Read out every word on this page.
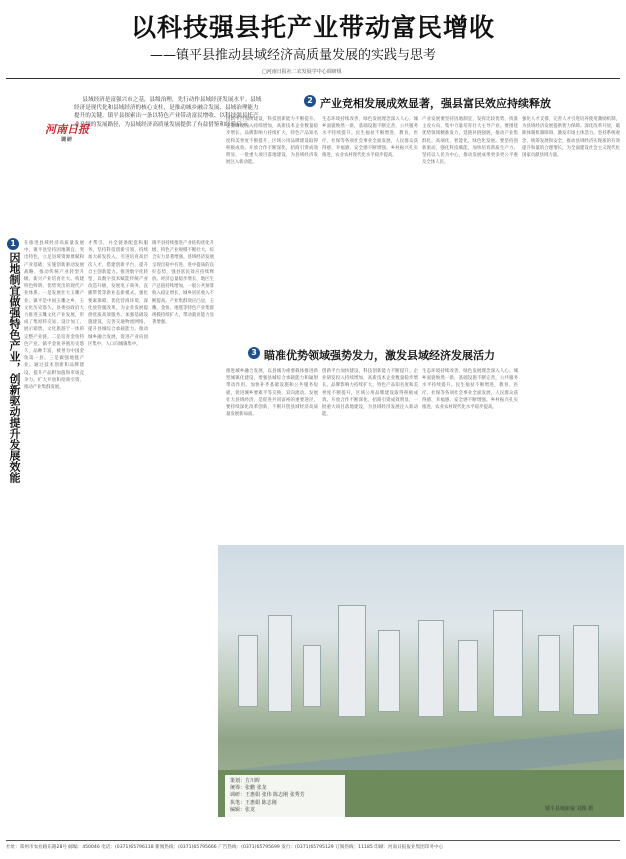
以科技强县托产业带动富民增收
——镇平县推动县域经济高质量发展的实践与思考
□河南日报社二农发展学中心调研组
河南日报
调研
县域经济是富强兴市之基，县级治理，先行动作县域经济发展水平。县域经济是现代化和县域经济的核心支柱，是推动城乡融合发展、县域治理能力提升的关键。镇平县探索出一条以特色产业带动富民增收、以科技强县托产业升级的发展路径，为县域经济高质量发展提供了有益借鉴和经验启示。
1
因地制宜做强特色产业，创新驱动提升发展效能
在推进县域经济高质量发展中，镇平县坚持因地制宜、突出特色，立足县域资源禀赋和产业基础，实施创新驱动发展战略，推动传统产业转型升级、新兴产业培育壮大。构建特色鲜明、优势突出的现代产业体系。一是发展壮大玉雕产业。镇平是中国玉雕之乡，玉文化历史悠久，县委县政府大力推进玉雕文化产业发展，形成了集原料交易、设计加工、展示销售、文化旅游于一体的完整产业链。二是培育金鱼特色产业。镇平金鱼养殖历史悠久，品种丰富，被誉为中国金鱼第一县。三是做强地毯产业。通过技术创新和品牌建设，提升产品附加值和市场竞争力。扩大开放和招商引资，推动产业集群发展。
才帮引，并全链条配套和服务。坚持科技创新引领，持续加大研发投入，引进培育高层次人才，搭建创新平台，提升自主创新能力。推进数字化转型，以数字技术赋能传统产业改造升级，发展电子商务、直播带货等新业态新模式。强化要素保障，优化营商环境，深化放管服改革，为企业发展提供优质高效服务。加强基础设施建设，完善交通物流网络，提升县城综合承载能力。推动城乡融合发展，促进产业向园区集中、人口向城镇集中。
镇平县持续推进产业结构优化升级，特色产业规模不断壮大，综合实力显著增强。县域经济发展呈现出稳中有进、进中提质的良好态势，强县富民效应持续释放。经济总量稳步增长，地区生产总值持续增加，一般公共预算收入稳定增长，城乡居民收入不断提高。产业集群效应凸显，玉雕、金鱼、地毯等特色产业集群规模持续扩大，带动就业能力显著增强。
2 产业竞相发展成效显著，强县富民效应持续释放
创新平台加快建设，科技创新能力不断提升。企业研发投入持续增加，高新技术企业数量稳步增长。品牌影响力持续扩大，特色产品知名度和美誉度不断提升，区域公用品牌建设取得积极成效。开放合作不断深化，招商引资成效明显，一批重大项目落地建设，为县域经济发展注入新动能。
生态环境持续改善，绿色发展理念深入人心。城乡面貌焕然一新，基础设施不断完善，公共服务水平持续提升。民生福祉不断增进，教育、医疗、社保等各项社会事业全面发展，人民群众获得感、幸福感、安全感不断增强。乡村振兴扎实推进，农业农村现代化水平稳步提高。
产业发展要坚持因地制宜，发挥比较优势，找准主攻方向，集中力量培育壮大主导产业。要围绕优势领域精准发力，延链补链强链，推动产业集群化、高端化、智能化、绿色化发展。要坚持创新驱动，强化科技赋能，加快培育新质生产力。坚持以人民为中心，推动发展成果更多更公平惠及全体人民。
强化人才支撑，完善人才引进培养使用激励机制，为县域经济发展提供智力保障。深化改革开放，破除体制机制障碍，激发市场主体活力。坚持系统观念，统筹发展和安全，推动县域经济实现质的有效提升和量的合理增长，为全面建设社会主义现代化国家贡献县域力量。
3 瞄准优势领域强势发力，激发县域经济发展活力
推进城乡融合发展，以县城为重要载体推进新型城镇化建设，增强县城综合承载能力和辐射带动作用。加快补齐基础设施和公共服务短板，促进城乡要素平等交换、双向流动。发展壮大县域经济，是促进共同富裕的重要途径，要持续深化改革创新，不断开创县域经济高质量发展新局面。
创新平台加快建设，科技创新能力不断提升。企业研发投入持续增加，高新技术企业数量稳步增长。品牌影响力持续扩大，特色产品知名度和美誉度不断提升，区域公用品牌建设取得积极成效。开放合作不断深化，招商引资成效明显，一批重大项目落地建设，为县域经济发展注入新动能。
生态环境持续改善，绿色发展理念深入人心。城乡面貌焕然一新，基础设施不断完善，公共服务水平持续提升。民生福祉不断增进，教育、医疗、社保等各项社会事业全面发展，人民群众获得感、幸福感、安全感不断增强。乡村振兴扎实推进，农业农村现代化水平稳步提高。
策划：方川晖
统筹：张鹏 张龙
调研：王惠娟 张伟 陈志刚 张秀芳
执笔：王惠娟 陈志刚
编辑：张龙	镇平县城新貌 刘俊 摄
社址：郑州市农业路东路28号 邮编：450046 电话：(0371)65796118 新闻热线：(0371)65795666 广告热线：(0371)65795699 发行：(0371)65795129 订阅热线：11185 印刷：河南日报报业集团印务中心
